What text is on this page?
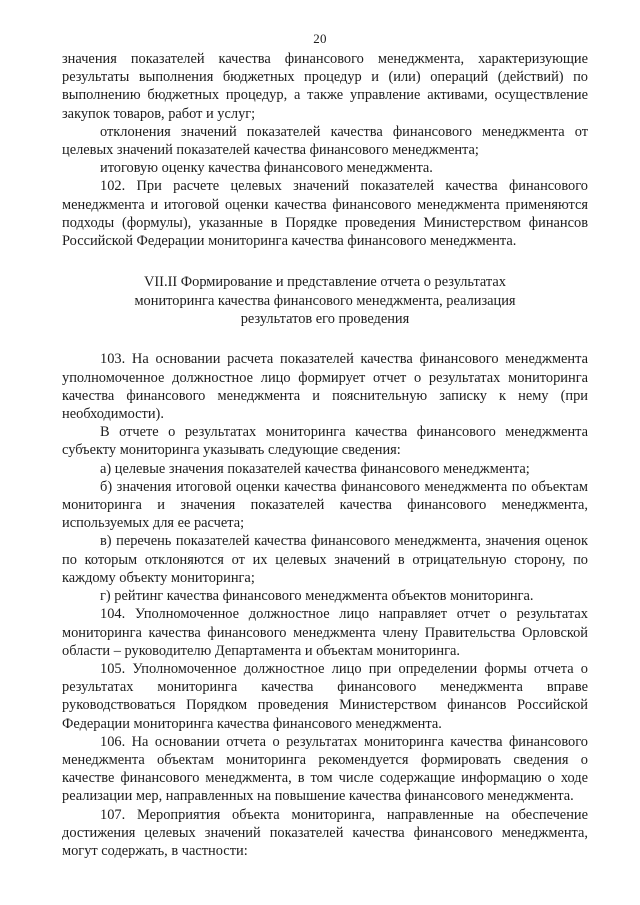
20

значения показателей качества финансового менеджмента, характеризующие результаты выполнения бюджетных процедур и (или) операций (действий) по выполнению бюджетных процедур, а также управление активами, осуществление закупок товаров, работ и услуг;

отклонения значений показателей качества финансового менеджмента от целевых значений показателей качества финансового менеджмента;

итоговую оценку качества финансового менеджмента.

102. При расчете целевых значений показателей качества финансового менеджмента и итоговой оценки качества финансового менеджмента применяются подходы (формулы), указанные в Порядке проведения Министерством финансов Российской Федерации мониторинга качества финансового менеджмента.

VII.II Формирование и представление отчета о результатах
мониторинга качества финансового менеджмента, реализация
результатов его проведения

103. На основании расчета показателей качества финансового менеджмента уполномоченное должностное лицо формирует отчет о результатах мониторинга качества финансового менеджмента и пояснительную записку к нему (при необходимости).

В отчете о результатах мониторинга качества финансового менеджмента субъекту мониторинга указывать следующие сведения:

а) целевые значения показателей качества финансового менеджмента;

б) значения итоговой оценки качества финансового менеджмента по объектам мониторинга и значения показателей качества финансового менеджмента, используемых для ее расчета;

в) перечень показателей качества финансового менеджмента, значения оценок по которым отклоняются от их целевых значений в отрицательную сторону, по каждому объекту мониторинга;

г) рейтинг качества финансового менеджмента объектов мониторинга.

104. Уполномоченное должностное лицо направляет отчет о результатах мониторинга качества финансового менеджмента члену Правительства Орловской области – руководителю Департамента и объектам мониторинга.

105. Уполномоченное должностное лицо при определении формы отчета о результатах мониторинга качества финансового менеджмента вправе руководствоваться Порядком проведения Министерством финансов Российской Федерации мониторинга качества финансового менеджмента.

106. На основании отчета о результатах мониторинга качества финансового менеджмента объектам мониторинга рекомендуется формировать сведения о качестве финансового менеджмента, в том числе содержащие информацию о ходе реализации мер, направленных на повышение качества финансового менеджмента.

107. Мероприятия объекта мониторинга, направленные на обеспечение достижения целевых значений показателей качества финансового менеджмента, могут содержать, в частности:
